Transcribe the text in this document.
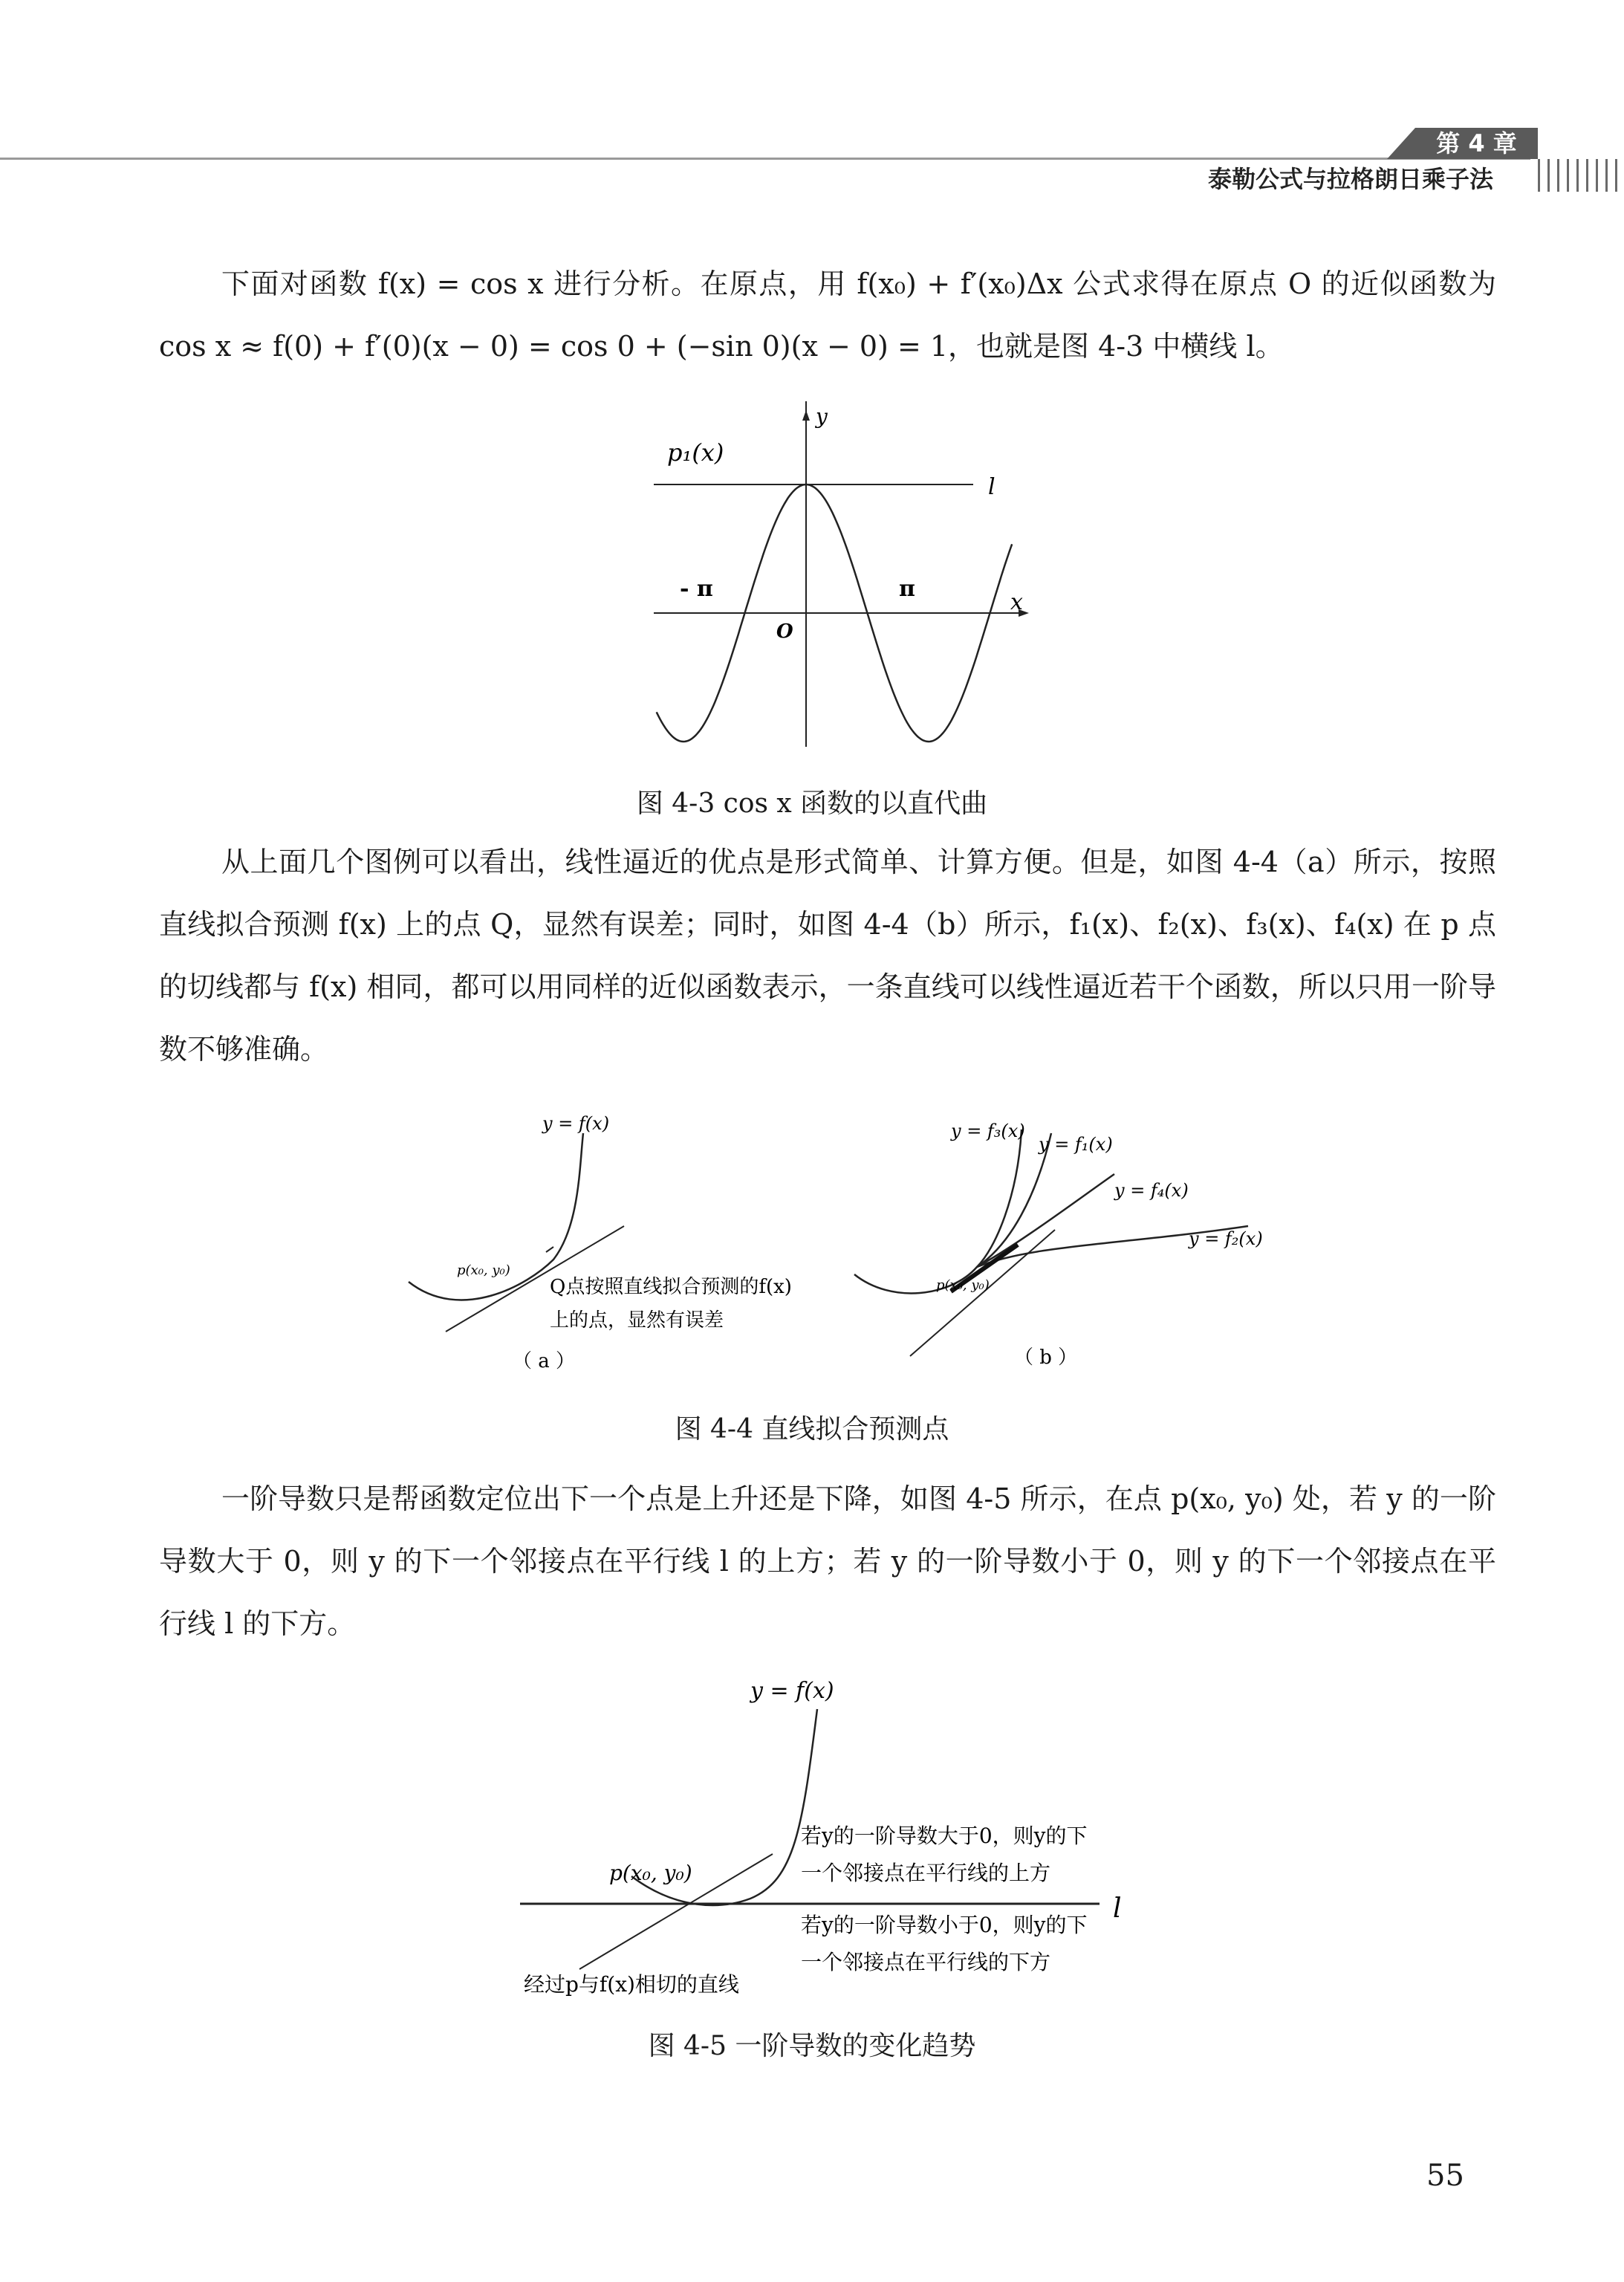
第 4 章
泰勒公式与拉格朗日乘子法

下面对函数 f(x) = cos x 进行分析。在原点，用 f(x₀) + f′(x₀)Δx 公式求得在原点 O 的近似函数为 cos x ≈ f(0) + f′(0)(x − 0) = cos 0 + (−sin 0)(x − 0) = 1，也就是图 4-3 中横线 l。

p₁(x)
l
y
x
- π	π
O
图 4-3 cos x 函数的以直代曲

从上面几个图例可以看出，线性逼近的优点是形式简单、计算方便。但是，如图 4-4（a）所示，按照直线拟合预测 f(x) 上的点 Q，显然有误差；同时，如图 4-4（b）所示，f₁(x)、f₂(x)、f₃(x)、f₄(x) 在 p 点的切线都与 f(x) 相同，都可以用同样的近似函数表示，一条直线可以线性逼近若干个函数，所以只用一阶导数不够准确。

y = f(x)
p(x₀, y₀)
Q点按照直线拟合预测的f(x)
上的点，显然有误差
（ a ）
y = f₃(x)
y = f₁(x)
y = f₄(x)
y = f₂(x)
p(x₀, y₀)
（ b ）
图 4-4 直线拟合预测点

一阶导数只是帮函数定位出下一个点是上升还是下降，如图 4-5 所示，在点 p(x₀, y₀) 处，若 y 的一阶导数大于 0，则 y 的下一个邻接点在平行线 l 的上方；若 y 的一阶导数小于 0，则 y 的下一个邻接点在平行线 l 的下方。

y = f(x)
p(x₀, y₀)
l
若y的一阶导数大于0，则y的下
一个邻接点在平行线的上方
若y的一阶导数小于0，则y的下
一个邻接点在平行线的下方
经过p与f(x)相切的直线
图 4-5 一阶导数的变化趋势
55
